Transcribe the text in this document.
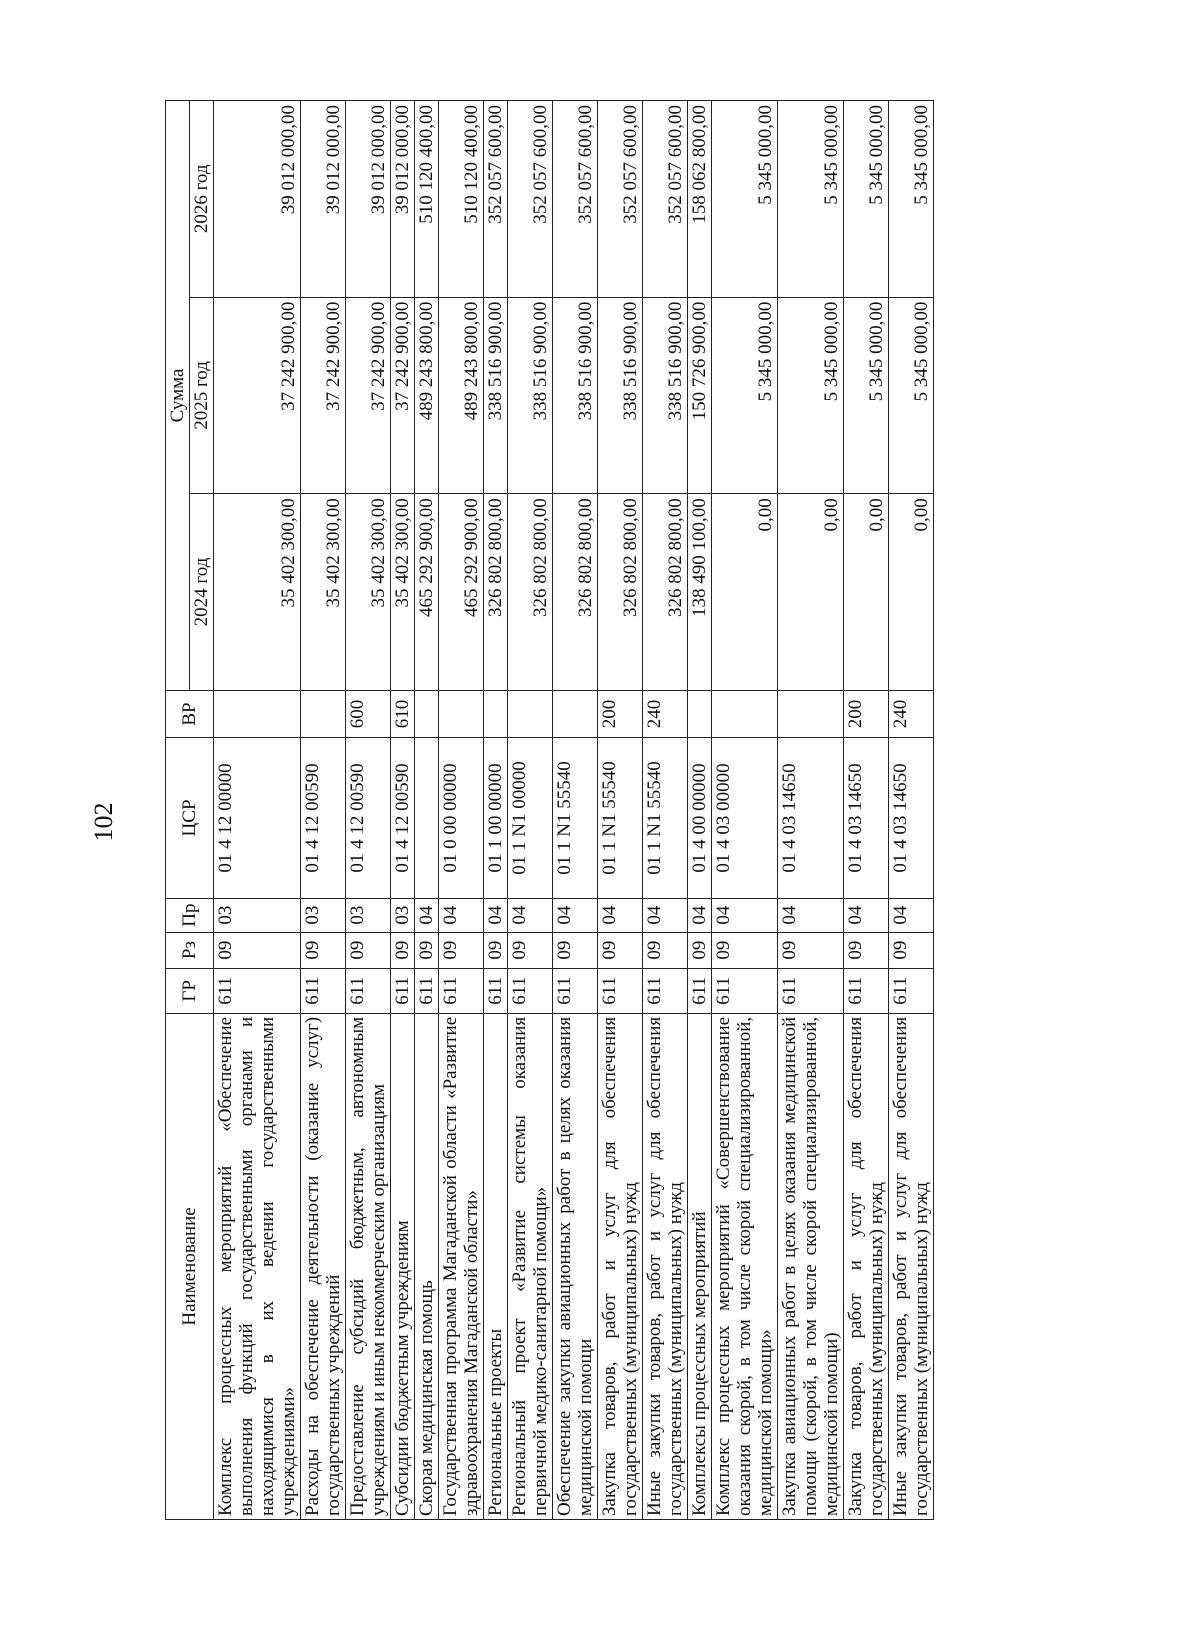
102
Наименование	ГР	Рз	Пр	ЦСР	ВР	Сумма		
						2024 год	2025 год	2026 год
Комплекс процессных мероприятий «Обеспечение выполнения функций государственными органами и находящимися в их ведении государственными учреждениями»	611	09	03	01 4 12 00000		35 402 300,00	37 242 900,00	39 012 000,00
Расходы на обеспечение деятельности (оказание услуг) государственных учреждений	611	09	03	01 4 12 00590		35 402 300,00	37 242 900,00	39 012 000,00
Предоставление субсидий бюджетным, автономным учреждениям и иным некоммерческим организациям	611	09	03	01 4 12 00590	600	35 402 300,00	37 242 900,00	39 012 000,00
Субсидии бюджетным учреждениям	611	09	03	01 4 12 00590	610	35 402 300,00	37 242 900,00	39 012 000,00
Скорая медицинская помощь	611	09	04			465 292 900,00	489 243 800,00	510 120 400,00
Государственная программа Магаданской области «Развитие здравоохранения Магаданской области»	611	09	04	01 0 00 00000		465 292 900,00	489 243 800,00	510 120 400,00
Региональные проекты	611	09	04	01 1 00 00000		326 802 800,00	338 516 900,00	352 057 600,00
Региональный проект «Развитие системы оказания первичной медико-санитарной помощи»	611	09	04	01 1 N1 00000		326 802 800,00	338 516 900,00	352 057 600,00
Обеспечение закупки авиационных работ в целях оказания медицинской помощи	611	09	04	01 1 N1 55540		326 802 800,00	338 516 900,00	352 057 600,00
Закупка товаров, работ и услуг для обеспечения государственных (муниципальных) нужд	611	09	04	01 1 N1 55540	200	326 802 800,00	338 516 900,00	352 057 600,00
Иные закупки товаров, работ и услуг для обеспечения государственных (муниципальных) нужд	611	09	04	01 1 N1 55540	240	326 802 800,00	338 516 900,00	352 057 600,00
Комплексы процессных мероприятий	611	09	04	01 4 00 00000		138 490 100,00	150 726 900,00	158 062 800,00
Комплекс процессных мероприятий «Совершенствование оказания скорой, в том числе скорой специализированной, медицинской помощи»	611	09	04	01 4 03 00000		0,00	5 345 000,00	5 345 000,00
Закупка авиационных работ в целях оказания медицинской помощи (скорой, в том числе скорой специализированной, медицинской помощи)	611	09	04	01 4 03 14650		0,00	5 345 000,00	5 345 000,00
Закупка товаров, работ и услуг для обеспечения государственных (муниципальных) нужд	611	09	04	01 4 03 14650	200	0,00	5 345 000,00	5 345 000,00
Иные закупки товаров, работ и услуг для обеспечения государственных (муниципальных) нужд	611	09	04	01 4 03 14650	240	0,00	5 345 000,00	5 345 000,00
